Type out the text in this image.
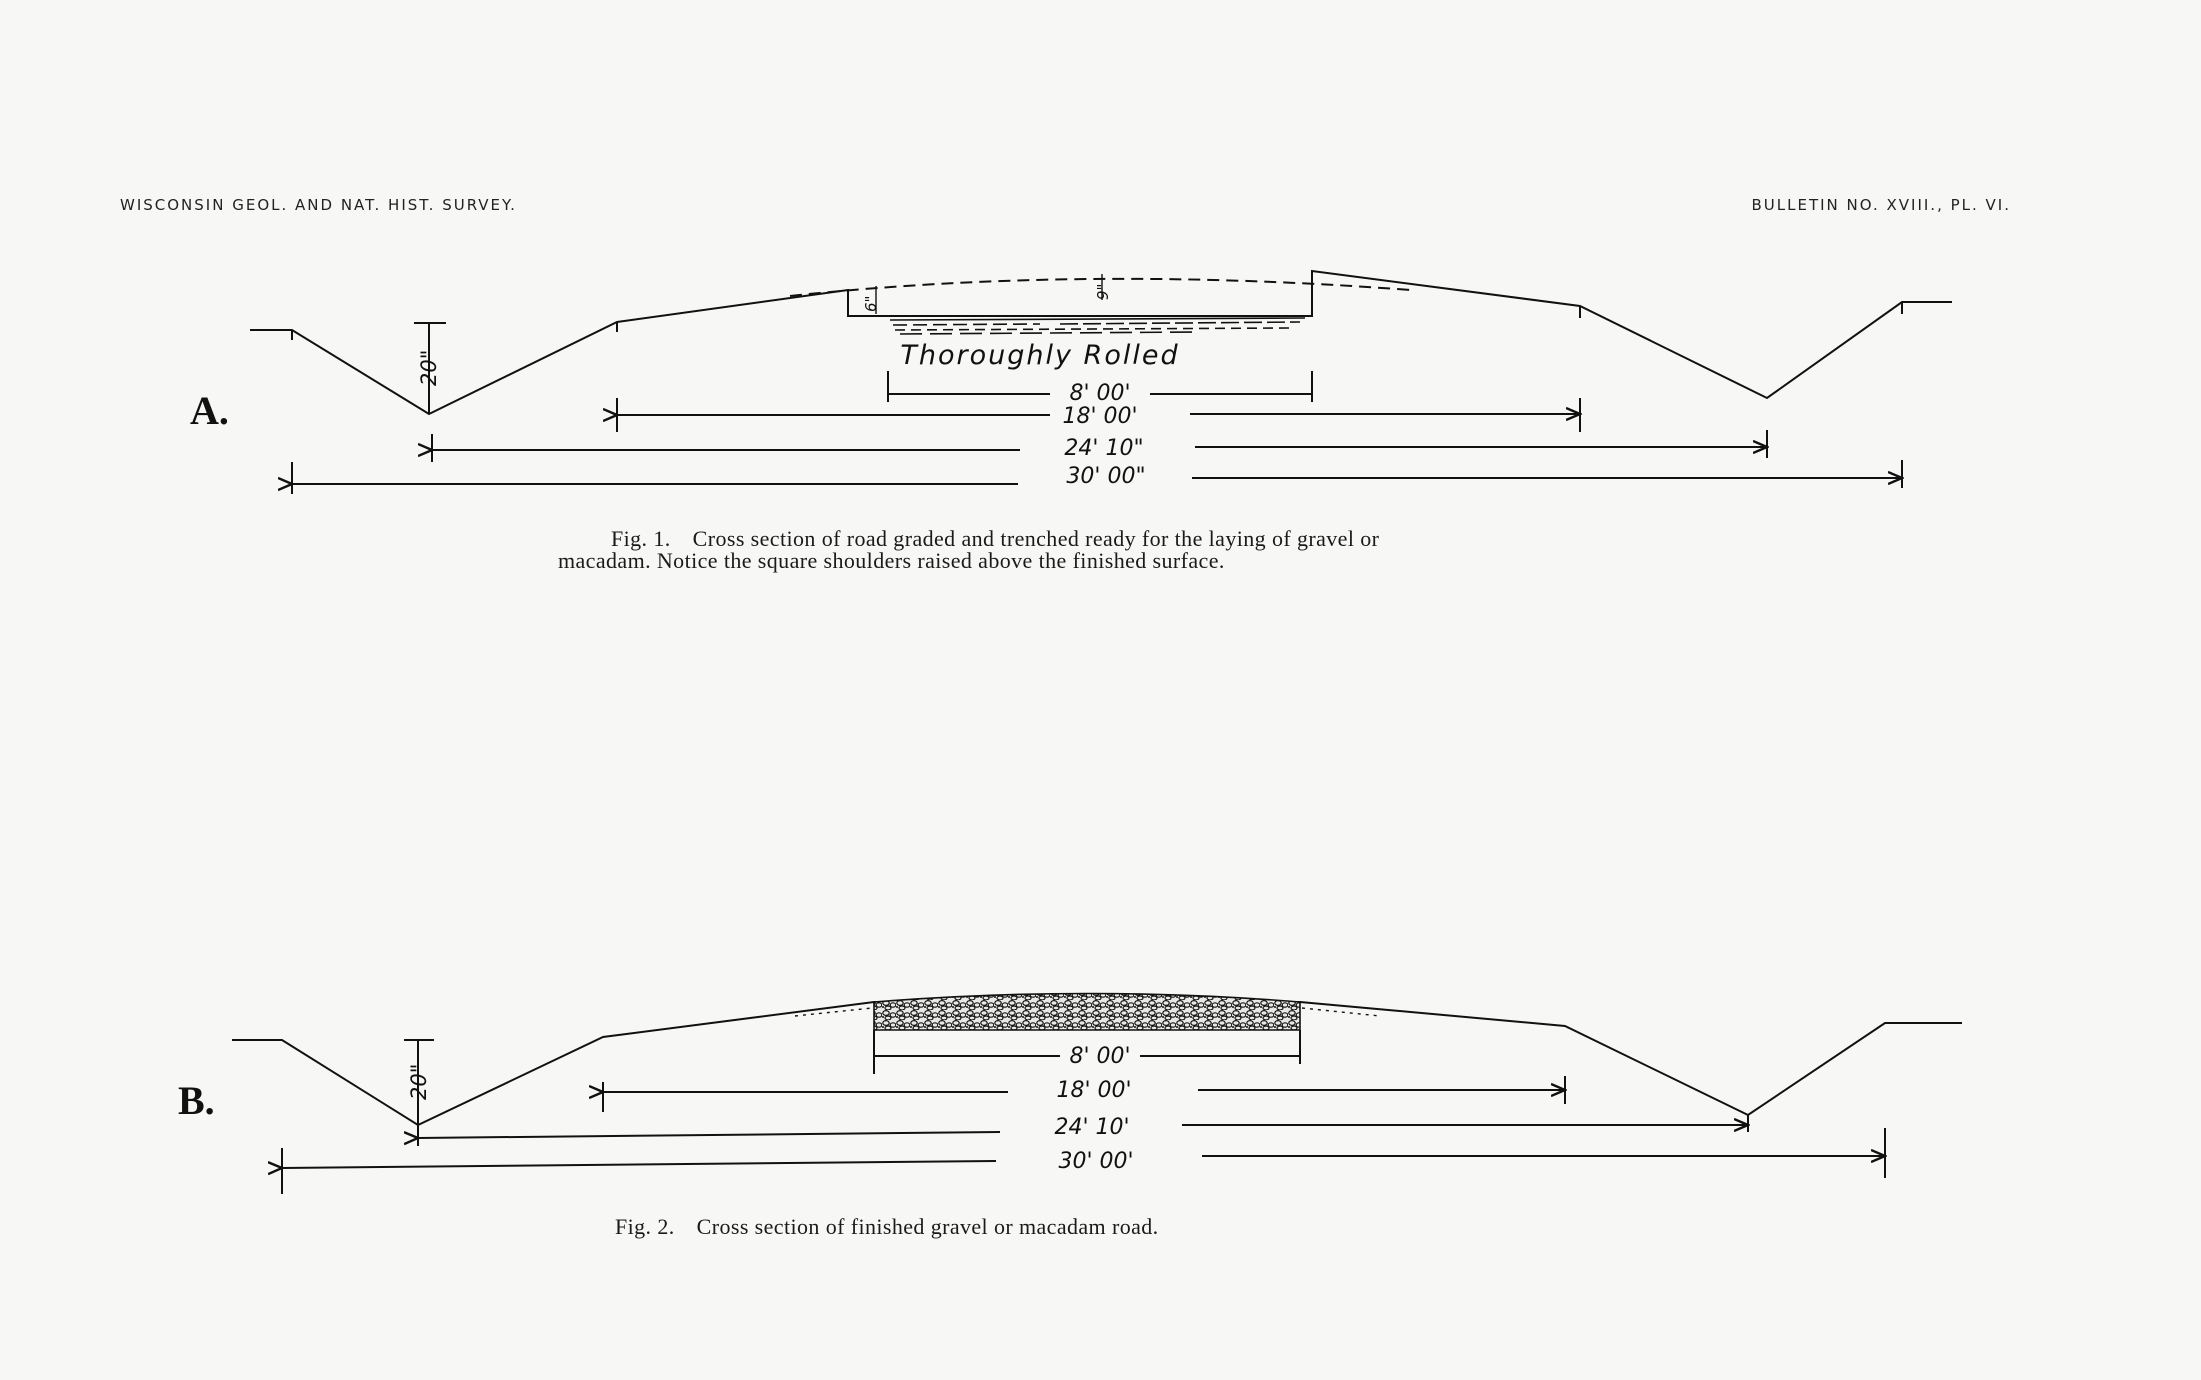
WISCONSIN GEOL. AND NAT. HIST. SURVEY.	BULLETIN NO. XVIII., PL. VI.
Thoroughly Rolled
8' 00'
18' 00'
24' 10"
30' 00"
20"
6"
9"
A.
8' 00'
18' 00'
24' 10'
30' 00'
20"
B.
Fig. 1. Cross section of road graded and trenched ready for the laying of gravel or
macadam. Notice the square shoulders raised above the finished surface.
Fig. 2. Cross section of finished gravel or macadam road.
